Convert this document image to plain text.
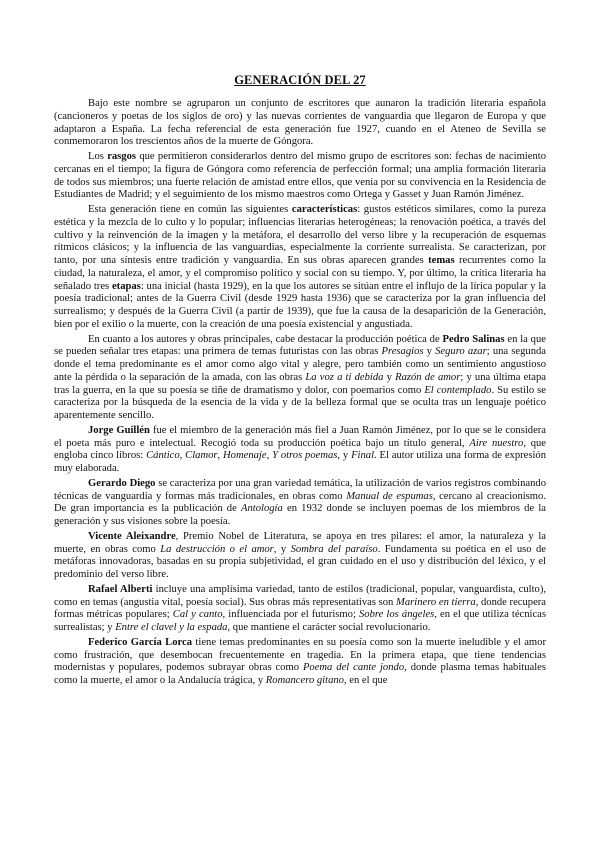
GENERACIÓN DEL 27

Bajo este nombre se agruparon un conjunto de escritores que aunaron la tradición literaria española (cancioneros y poetas de los siglos de oro) y las nuevas corrientes de vanguardia que llegaron de Europa y que adaptaron a España. La fecha referencial de esta generación fue 1927, cuando en el Ateneo de Sevilla se conmemoraron los trescientos años de la muerte de Góngora.

Los rasgos que permitieron considerarlos dentro del mismo grupo de escritores son: fechas de nacimiento cercanas en el tiempo; la figura de Góngora como referencia de perfección formal; una amplia formación literaria de todos sus miembros; una fuerte relación de amistad entre ellos, que venía por su convivencia en la Residencia de Estudiantes de Madrid; y el seguimiento de los mismo maestros como Ortega y Gasset y Juan Ramón Jiménez.

Esta generación tiene en común las siguientes características: gustos estéticos similares, como la pureza estética y la mezcla de lo culto y lo popular; influencias literarias heterogéneas; la renovación poética, a través del cultivo y la reinvención de la imagen y la metáfora, el desarrollo del verso libre y la recuperación de esquemas rítmicos clásicos; y la influencia de las vanguardias, especialmente la corriente surrealista. Se caracterizan, por tanto, por una síntesis entre tradición y vanguardia. En sus obras aparecen grandes temas recurrentes como la ciudad, la naturaleza, el amor, y el compromiso político y social con su tiempo. Y, por último, la crítica literaria ha señalado tres etapas: una inicial (hasta 1929), en la que los autores se sitúan entre el influjo de la lírica popular y la poesía tradicional; antes de la Guerra Civil (desde 1929 hasta 1936) que se caracteriza por la gran influencia del surrealismo; y después de la Guerra Civil (a partir de 1939), que fue la causa de la desaparición de la Generación, bien por el exilio o la muerte, con la creación de una poesía existencial y angustiada.

En cuanto a los autores y obras principales, cabe destacar la producción poética de Pedro Salinas en la que se pueden señalar tres etapas: una primera de temas futuristas con las obras Presagios y Seguro azar; una segunda donde el tema predominante es el amor como algo vital y alegre, pero también como un sentimiento angustioso ante la pérdida o la separación de la amada, con las obras La voz a ti debida y Razón de amor; y una última etapa tras la guerra, en la que su poesía se tiñe de dramatismo y dolor, con poemarios como El contemplado. Su estilo se caracteriza por la búsqueda de la esencia de la vida y de la belleza formal que se oculta tras un lenguaje poético aparentemente sencillo.

Jorge Guillén fue el miembro de la generación más fiel a Juan Ramón Jiménez, por lo que se le considera el poeta más puro e intelectual. Recogió toda su producción poética bajo un título general, Aire nuestro, que engloba cinco libros: Cántico, Clamor, Homenaje, Y otros poemas, y Final. El autor utiliza una forma de expresión muy elaborada.

Gerardo Diego se caracteriza por una gran variedad temática, la utilización de varios registros combinando técnicas de vanguardia y formas más tradicionales, en obras como Manual de espumas, cercano al creacionismo. De gran importancia es la publicación de Antología en 1932 donde se incluyen poemas de los miembros de la generación y sus visiones sobre la poesía.

Vicente Aleixandre, Premio Nobel de Literatura, se apoya en tres pilares: el amor, la naturaleza y la muerte, en obras como La destrucción o el amor, y Sombra del paraíso. Fundamenta su poética en el uso de metáforas innovadoras, basadas en su propia subjetividad, el gran cuidado en el uso y distribución del léxico, y el predominio del verso libre.

Rafael Alberti incluye una amplísima variedad, tanto de estilos (tradicional, popular, vanguardista, culto), como en temas (angustia vital, poesía social). Sus obras más representativas son Marinero en tierra, donde recupera formas métricas populares; Cal y canto, influenciada por el futurismo; Sobre los ángeles, en el que utiliza técnicas surrealistas; y Entre el clavel y la espada, que mantiene el carácter social revolucionario.

Federico García Lorca tiene temas predominantes en su poesía como son la muerte ineludible y el amor como frustración, que desembocan frecuentemente en tragedia. En la primera etapa, que tiene tendencias modernistas y populares, podemos subrayar obras como Poema del cante jondo, donde plasma temas habituales como la muerte, el amor o la Andalucía trágica, y Romancero gitano, en el que
